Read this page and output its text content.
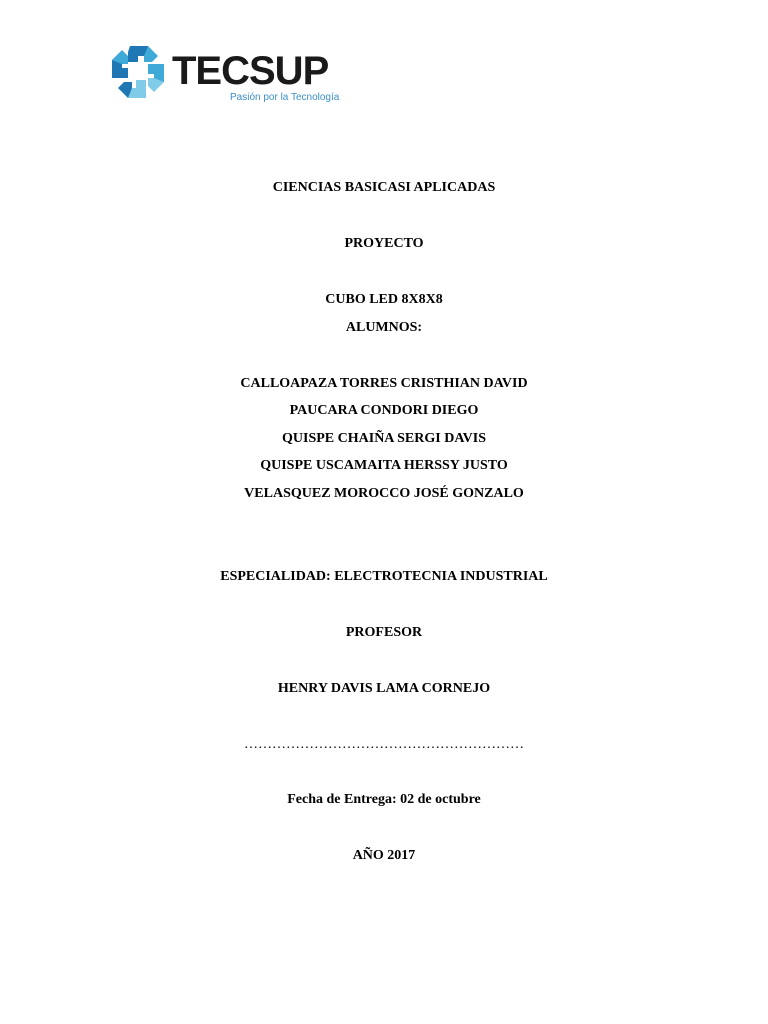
TECSUP
Pasión por la Tecnología
CIENCIAS BASICASI APLICADAS
PROYECTO
CUBO LED 8X8X8
ALUMNOS:
CALLOAPAZA TORRES CRISTHIAN DAVID
PAUCARA CONDORI DIEGO
QUISPE CHAIÑA SERGI DAVIS
QUISPE USCAMAITA HERSSY JUSTO
VELASQUEZ MOROCCO JOSÉ GONZALO
ESPECIALIDAD: ELECTROTECNIA INDUSTRIAL
PROFESOR
HENRY DAVIS LAMA CORNEJO
……………………………………………………
Fecha de Entrega: 02 de octubre
AÑO 2017
